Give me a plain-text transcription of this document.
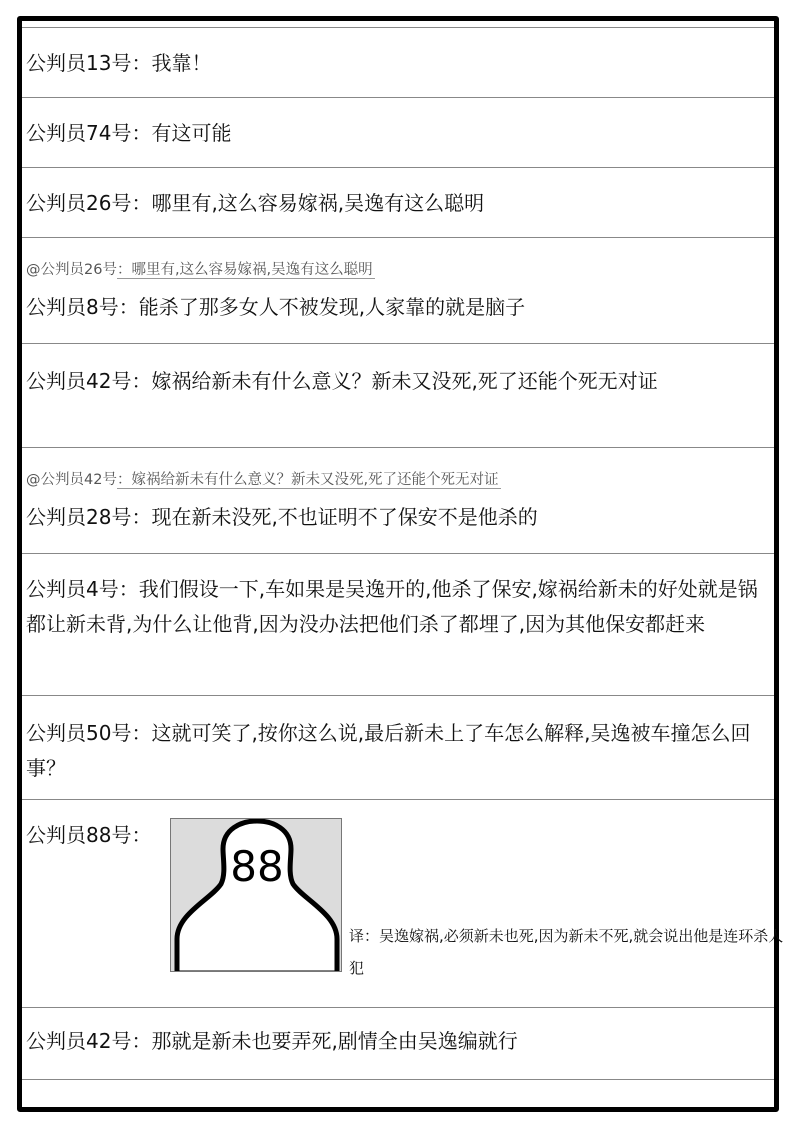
公判员13号：我靠！
公判员74号：有这可能
公判员26号：哪里有,这么容易嫁祸,吴逸有这么聪明
@公判员26号：哪里有,这么容易嫁祸,吴逸有这么聪明
公判员8号：能杀了那多女人不被发现,人家靠的就是脑子
公判员42号：嫁祸给新未有什么意义？新未又没死,死了还能个死无对证
@公判员42号：嫁祸给新未有什么意义？新未又没死,死了还能个死无对证
公判员28号：现在新未没死,不也证明不了保安不是他杀的
公判员4号：我们假设一下,车如果是吴逸开的,他杀了保安,嫁祸给新未的好处就是锅都让新未背,为什么让他背,因为没办法把他们杀了都埋了,因为其他保安都赶来
公判员50号：这就可笑了,按你这么说,最后新未上了车怎么解释,吴逸被车撞怎么回事？
公判员88号：
88
译：吴逸嫁祸,必须新未也死,因为新未不死,就会说出他是连环杀人犯
公判员42号：那就是新未也要弄死,剧情全由吴逸编就行
